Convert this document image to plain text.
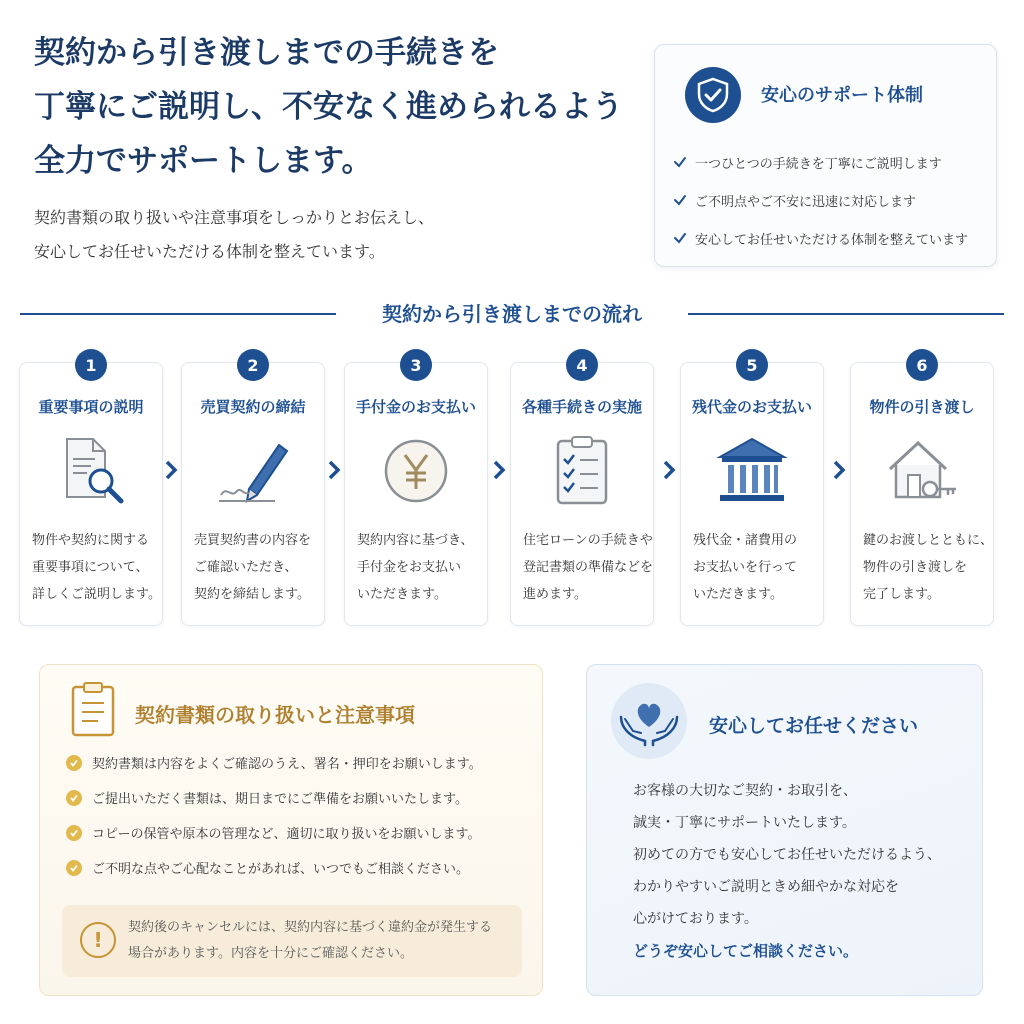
契約から引き渡しまでの手続きを
丁寧にご説明し、不安なく進められるよう
全力でサポートします。
契約書類の取り扱いや注意事項をしっかりとお伝えし、
安心してお任せいただける体制を整えています。
安心のサポート体制
一つひとつの手続きを丁寧にご説明します
ご不明点やご不安に迅速に対応します
安心してお任せいただける体制を整えています
契約から引き渡しまでの流れ
1
重要事項の説明
物件や契約に関する
重要事項について、
詳しくご説明します。
2
売買契約の締結
売買契約書の内容を
ご確認いただき、
契約を締結します。
3
手付金のお支払い
契約内容に基づき、
手付金をお支払い
いただきます。
4
各種手続きの実施
住宅ローンの手続きや
登記書類の準備などを
進めます。
5
残代金のお支払い
残代金・諸費用の
お支払いを行って
いただきます。
6
物件の引き渡し
鍵のお渡しとともに、
物件の引き渡しを
完了します。
契約書類の取り扱いと注意事項
契約書類は内容をよくご確認のうえ、署名・押印をお願いします。
ご提出いただく書類は、期日までにご準備をお願いいたします。
コピーの保管や原本の管理など、適切に取り扱いをお願いします。
ご不明な点やご心配なことがあれば、いつでもご相談ください。
!
契約後のキャンセルには、契約内容に基づく違約金が発生する
場合があります。内容を十分にご確認ください。
安心してお任せください
お客様の大切なご契約・お取引を、
誠実・丁寧にサポートいたします。
初めての方でも安心してお任せいただけるよう、
わかりやすいご説明ときめ細やかな対応を
心がけております。
どうぞ安心してご相談ください。
